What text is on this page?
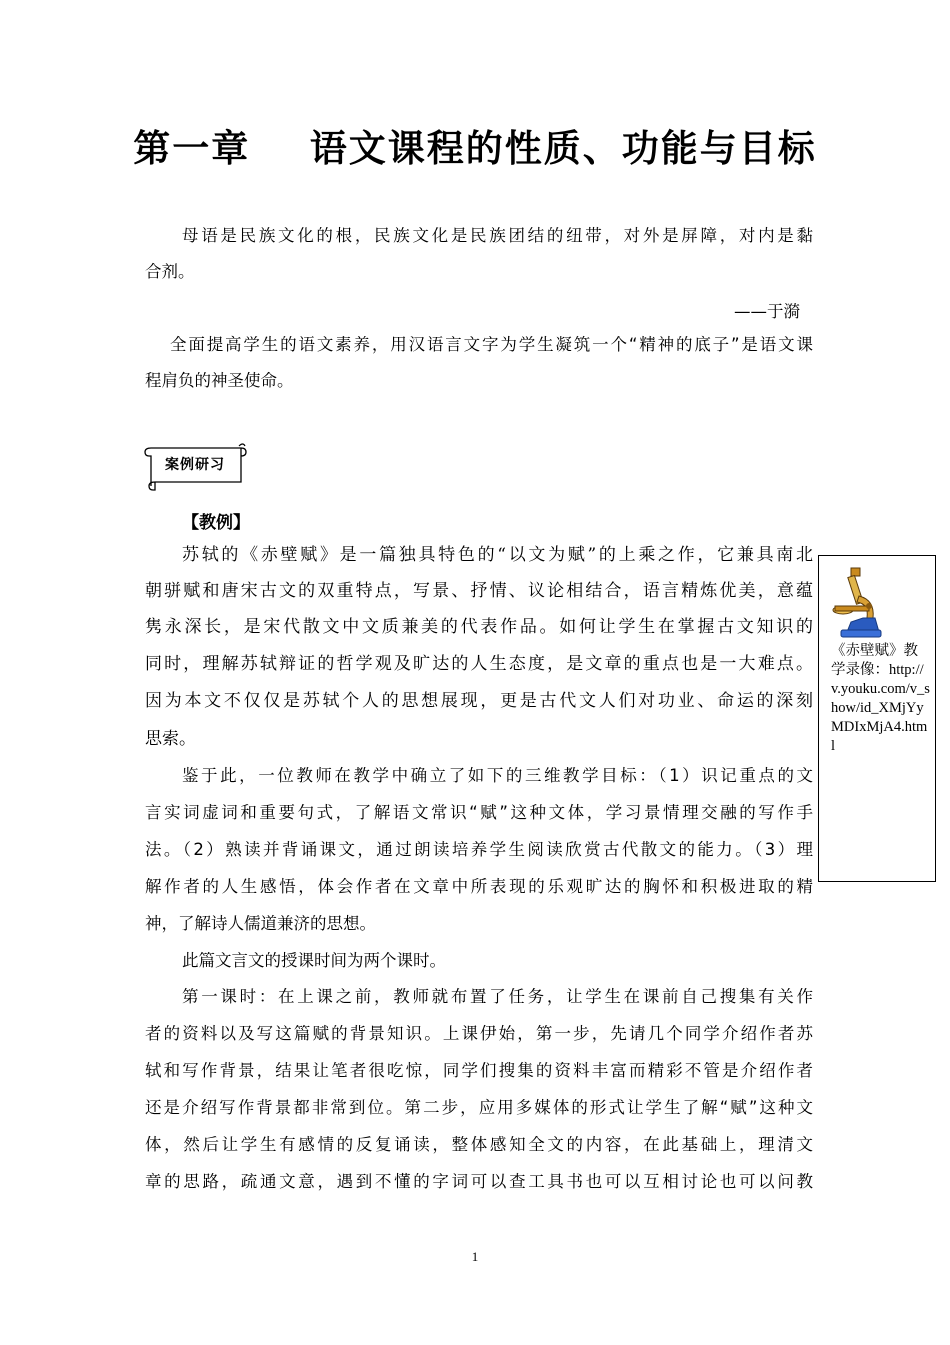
第一章    语文课程的性质、功能与目标
母语是民族文化的根，民族文化是民族团结的纽带，对外是屏障，对内是黏
合剂。
——于漪
全面提高学生的语文素养，用汉语言文字为学生凝筑一个“精神的底子”是语文课
程肩负的神圣使命。
案例研习
【教例】
苏轼的《赤壁赋》是一篇独具特色的“以文为赋”的上乘之作，它兼具南北
朝骈赋和唐宋古文的双重特点，写景、抒情、议论相结合，语言精炼优美，意蕴
隽永深长，是宋代散文中文质兼美的代表作品。如何让学生在掌握古文知识的
同时，理解苏轼辩证的哲学观及旷达的人生态度，是文章的重点也是一大难点。
因为本文不仅仅是苏轼个人的思想展现，更是古代文人们对功业、命运的深刻
思索。
鉴于此，一位教师在教学中确立了如下的三维教学目标：（1）识记重点的文
言实词虚词和重要句式，了解语文常识“赋”这种文体，学习景情理交融的写作手
法。（2）熟读并背诵课文，通过朗读培养学生阅读欣赏古代散文的能力。（3）理
解作者的人生感悟，体会作者在文章中所表现的乐观旷达的胸怀和积极进取的精
神，了解诗人儒道兼济的思想。
此篇文言文的授课时间为两个课时。
第一课时：在上课之前，教师就布置了任务，让学生在课前自己搜集有关作
者的资料以及写这篇赋的背景知识。上课伊始，第一步，先请几个同学介绍作者苏
轼和写作背景，结果让笔者很吃惊，同学们搜集的资料丰富而精彩不管是介绍作者
还是介绍写作背景都非常到位。第二步，应用多媒体的形式让学生了解“赋”这种文
体，然后让学生有感情的反复诵读，整体感知全文的内容，在此基础上，理清文
章的思路，疏通文意，遇到不懂的字词可以查工具书也可以互相讨论也可以问教
《赤壁赋》教学录像：http://v.youku.com/v_show/id_XMjYyMDIxMjA4.html
1
